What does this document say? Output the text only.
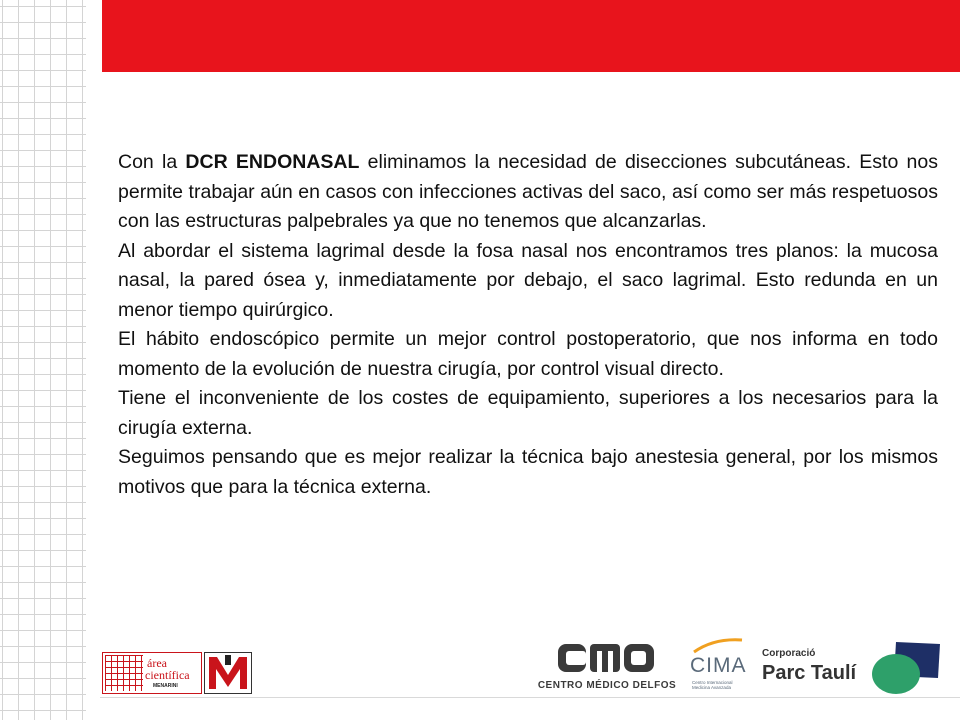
Con la DCR ENDONASAL eliminamos la necesidad de disecciones subcutáneas. Esto nos permite trabajar aún en casos con infecciones activas del saco, así como ser más respetuosos con las estructuras palpebrales ya que no tenemos que alcanzarlas.

Al abordar el sistema lagrimal desde la fosa nasal nos encontramos tres planos: la mucosa nasal, la pared ósea y, inmediatamente por debajo, el saco lagrimal. Esto redunda en un menor tiempo quirúrgico.

El hábito endoscópico permite un mejor control postoperatorio, que nos informa en todo momento de la evolución de nuestra cirugía, por control visual directo.

Tiene el inconveniente de los costes de equipamiento, superiores a los necesarios para la cirugía externa.

Seguimos pensando que es mejor realizar la técnica bajo anestesia general, por los mismos motivos que para la técnica externa.

área
científica
MENARINI	CENTRO MÉDICO DELFOS
CIMA
Centro Internacional Medicina Avanzada
Corporació
Parc Taulí
